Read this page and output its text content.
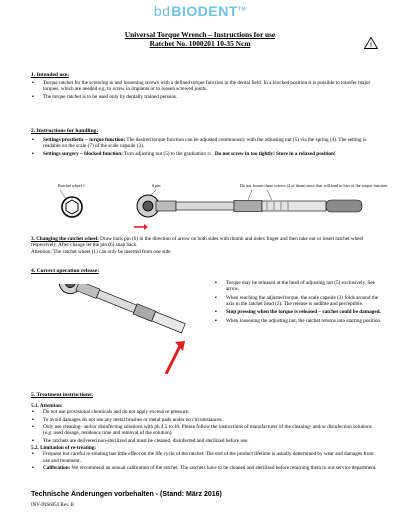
bdBIODENT™
Universal Torque Wrench – Instructions for use
Ratchet No. 1000201 10-35 Ncm	!
1. Intended use:
▪ Torque ratchet for the screwing in and loosening screws with a defined torque function in the dental field. In a blocked position it is possible to transfer major torques, which are needed e.g. to screw in implants or to loosen screwed joints.
▪ The torque ratchet is to be used only by dentally trained persons.
2. Instructions for handling:
▪ Settings prosthetic – torque function: The desired torque function can be adjusted continuously with the adjusting nut (5) via the spring (4). The setting is readable on the scale (7) of the scale capsule (3).
▪ Settings surgery – blocked function: Turn adjusting nut (5) to the graduation ∞ . Do not screw in too tightly! Store in a relaxed position!
Ratchet wheel 1	6 pin	Do not loosen these screws (2 of them) since that will lead to loss of the torque function

3. Changing the ratchet wheel: Draw back pin (6) in the direction of arrow on both sides with thumb and index finger and then take out or insert ratchet wheel respectively. After change let the pin (6) snap back.

Attention: The ratchet wheel (1) can only be inserted from one side.

4. Correct operation release:
▪ Torque may be released at the head of adjusting nut (5) exclusively. See arrow.
▪ When reaching the adjusted torque, the scale capsule (3) folds around the axis in the ratchet head (2). The release is audible and perceptible.
▪ Stop pressing when the torque is released – ratchet could be damaged.
▪ When loosening the adjusting nut, the ratchet returns into starting position.
5. Treatment instructions:
5.1. Attention:
▪ Do not use provisional chemicals and do not apply excessive pressure.
▪ To avoid damages do not use any metal brushes or metal pads under no circumstances.
▪ Only use cleaning- and/or disinfecting solutions with ph 4.5 to 10. Please follow the instructions of manufacturer of the cleaning- and/or disinfection solutions (e.g. used dosage, residence time and removal of the solution).
▪ The ratchets are delivered non-sterilized and must be cleaned, disinfected and sterilized before use.
5.2. Limitation of re-treating:
▪ Frequent but careful re-treating has little effect on the life cycle of the ratchet. The end of the product lifetime is usually determined by wear and damages from use and treatment.
▪ Calibration: We recommend an annual calibration of the ratchet. The ratchets have to be cleaned and sterilized before returning them to our service department.
Technische Änderungen vorbehalten - (Stand: März 2016)
INV-INS6053 Rev. B
